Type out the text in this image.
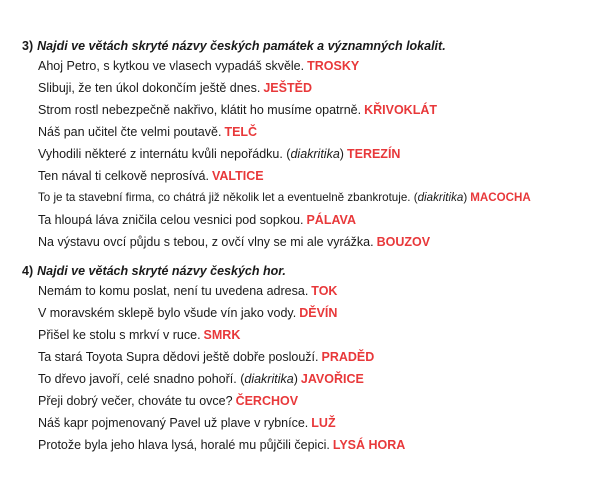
3) Najdi ve větách skryté názvy českých památek a významných lokalit.
Ahoj Petro, s kytkou ve vlasech vypadáš skvěle. TROSKY
Slibuji, že ten úkol dokončím ještě dnes. JEŠTĚD
Strom rostl nebezpečně nakřivo, klátit ho musíme opatrně. KŘIVOKLÁT
Náš pan učitel čte velmi poutavě. TELČ
Vyhodili některé z internátu kvůli nepořádku. (diakritika) TEREZÍN
Ten nával ti celkově neprosívá. VALTICE
To je ta stavební firma, co chátrá již několik let a eventuelně zbankrotuje. (diakritika) MACOCHA
Ta hloupá láva zničila celou vesnici pod sopkou. PÁLAVA
Na výstavu ovcí půjdu s tebou, z ovčí vlny se mi ale vyrážka. BOUZOV
4) Najdi ve větách skryté názvy českých hor.
Nemám to komu poslat, není tu uvedena adresa. TOK
V moravském sklepě bylo všude vín jako vody. DĚVÍN
Přišel ke stolu s mrkví v ruce. SMRK
Ta stará Toyota Supra dědovi ještě dobře poslouží. PRADĚD
To dřevo javoří, celé snadno pohoří. (diakritika) JAVOŘICE
Přeji dobrý večer, chováte tu ovce? ČERCHOV
Náš kapr pojmenovaný Pavel už plave v rybníce. LUŽ
Protože byla jeho hlava lysá, horalé mu půjčili čepici. LYSÁ HORA
